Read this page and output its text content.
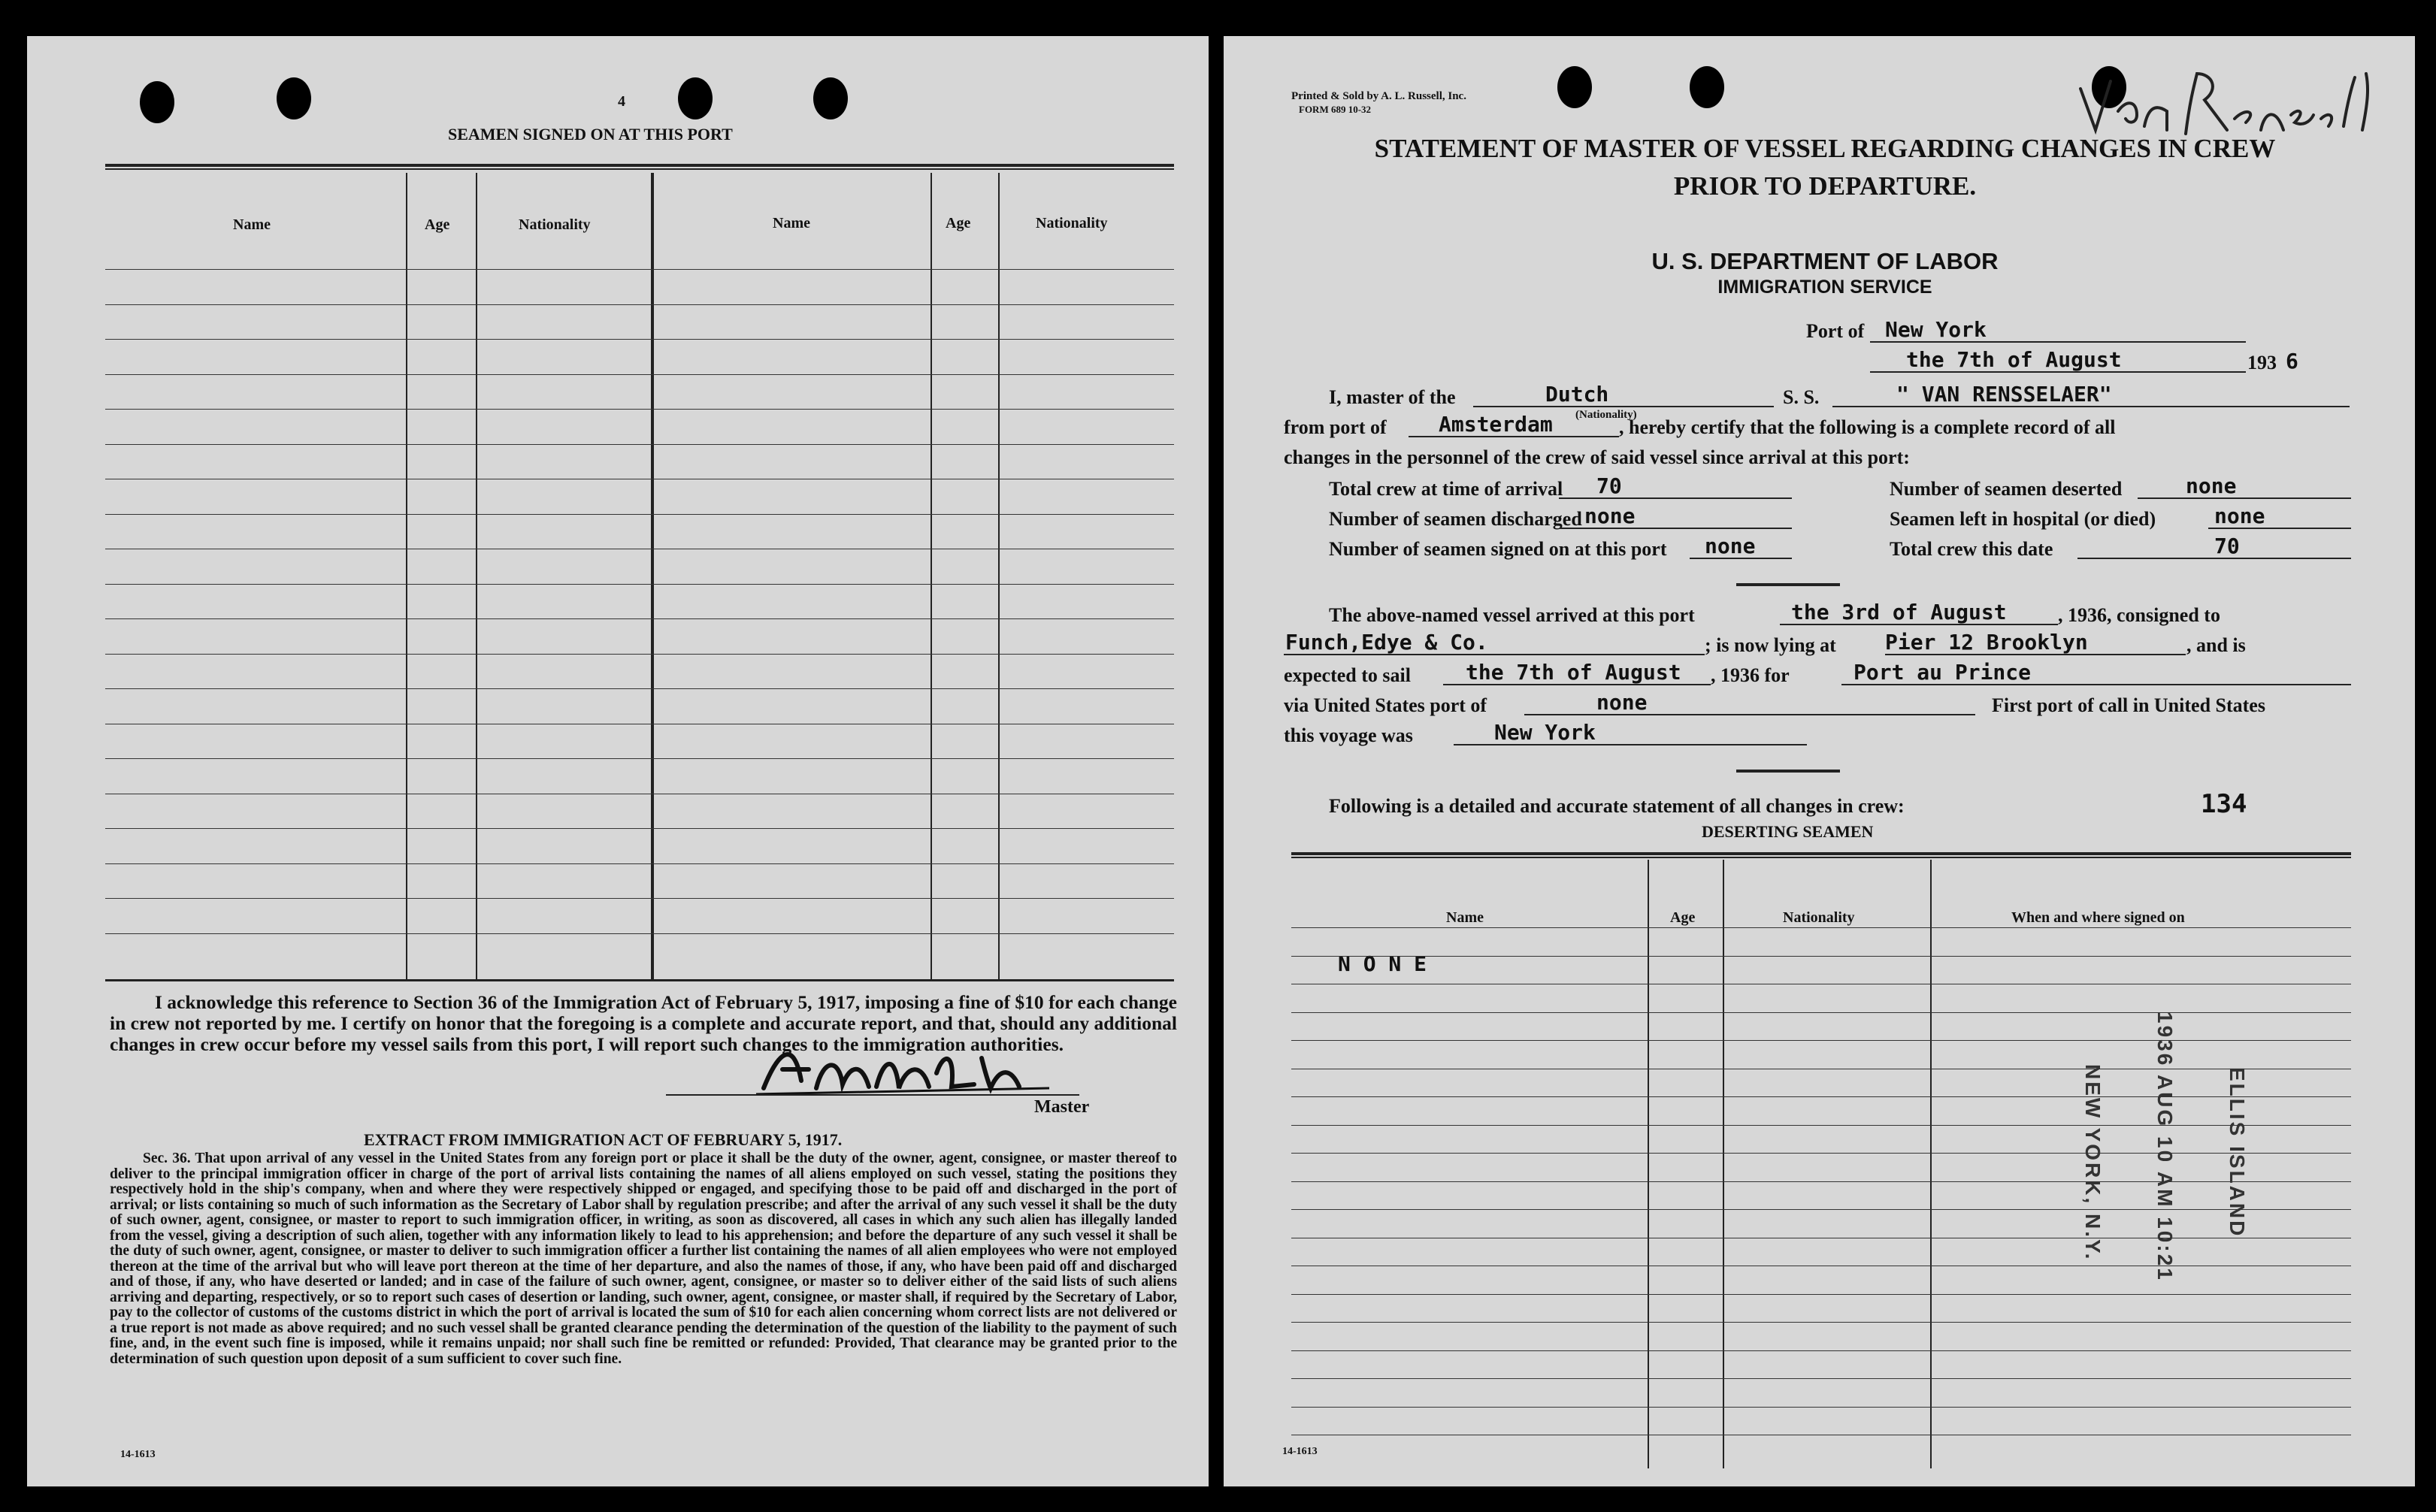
4
SEAMEN SIGNED ON AT THIS PORT
Name	Age	Nationality	Name	Age	Nationality
I acknowledge this reference to Section 36 of the Immigration Act of February 5, 1917, imposing a fine of $10 for each change in crew not reported by me. I certify on honor that the foregoing is a complete and accurate report, and that, should any additional changes in crew occur before my vessel sails from this port, I will report such changes to the immigration authorities.
Master
EXTRACT FROM IMMIGRATION ACT OF FEBRUARY 5, 1917.
Sec. 36. That upon arrival of any vessel in the United States from any foreign port or place it shall be the duty of the owner, agent, consignee, or master thereof to deliver to the principal immigration officer in charge of the port of arrival lists containing the names of all aliens employed on such vessel, stating the positions they respectively hold in the ship's company, when and where they were respectively shipped or engaged, and specifying those to be paid off and discharged in the port of arrival; or lists containing so much of such information as the Secretary of Labor shall by regulation prescribe; and after the arrival of any such vessel it shall be the duty of such owner, agent, consignee, or master to report to such immigration officer, in writing, as soon as discovered, all cases in which any such alien has illegally landed from the vessel, giving a description of such alien, together with any information likely to lead to his apprehension; and before the departure of any such vessel it shall be the duty of such owner, agent, consignee, or master to deliver to such immigration officer a further list containing the names of all alien employees who were not employed thereon at the time of the arrival but who will leave port thereon at the time of her departure, and also the names of those, if any, who have been paid off and discharged and of those, if any, who have deserted or landed; and in case of the failure of such owner, agent, consignee, or master so to deliver either of the said lists of such aliens arriving and departing, respectively, or so to report such cases of desertion or landing, such owner, agent, consignee, or master shall, if required by the Secretary of Labor, pay to the collector of customs of the customs district in which the port of arrival is located the sum of $10 for each alien concerning whom correct lists are not delivered or a true report is not made as above required; and no such vessel shall be granted clearance pending the determination of the question of the liability to the payment of such fine, and, in the event such fine is imposed, while it remains unpaid; nor shall such fine be remitted or refunded: Provided, That clearance may be granted prior to the determination of such question upon deposit of a sum sufficient to cover such fine.
14-1613
Printed & Sold by A. L. Russell, Inc.
FORM 689 10-32
STATEMENT OF MASTER OF VESSEL REGARDING CHANGES IN CREW
PRIOR TO DEPARTURE.
U. S. DEPARTMENT OF LABOR
IMMIGRATION SERVICE
Port of New York
the 7th of August	193 6
I, master of the	Dutch
(Nationality)
S. S.	" VAN RENSSELAER"
from port of Amsterdam	, hereby certify that the following is a complete record of all
changes in the personnel of the crew of said vessel since arrival at this port:
Total crew at time of arrival 70	Number of seamen deserted	none
Number of seamen discharged none	Seamen left in hospital (or died)	none
Number of seamen signed on at this port none	Total crew this date	70
The above-named vessel arrived at this port	the 3rd of August	, 1936, consigned to
Funch,Edye & Co.	; is now lying at Pier 12 Brooklyn	, and is
expected to sail	the 7th of August , 1936 for	Port au Prince
via United States port of	none	First port of call in United States
this voyage was	New York
Following is a detailed and accurate statement of all changes in crew:	134
DESERTING SEAMEN
Name	Age	Nationality	When and where signed on
N O N E
ELLIS ISLAND
1936 AUG 10 AM 10:21
NEW YORK, N.Y.
14-1613
